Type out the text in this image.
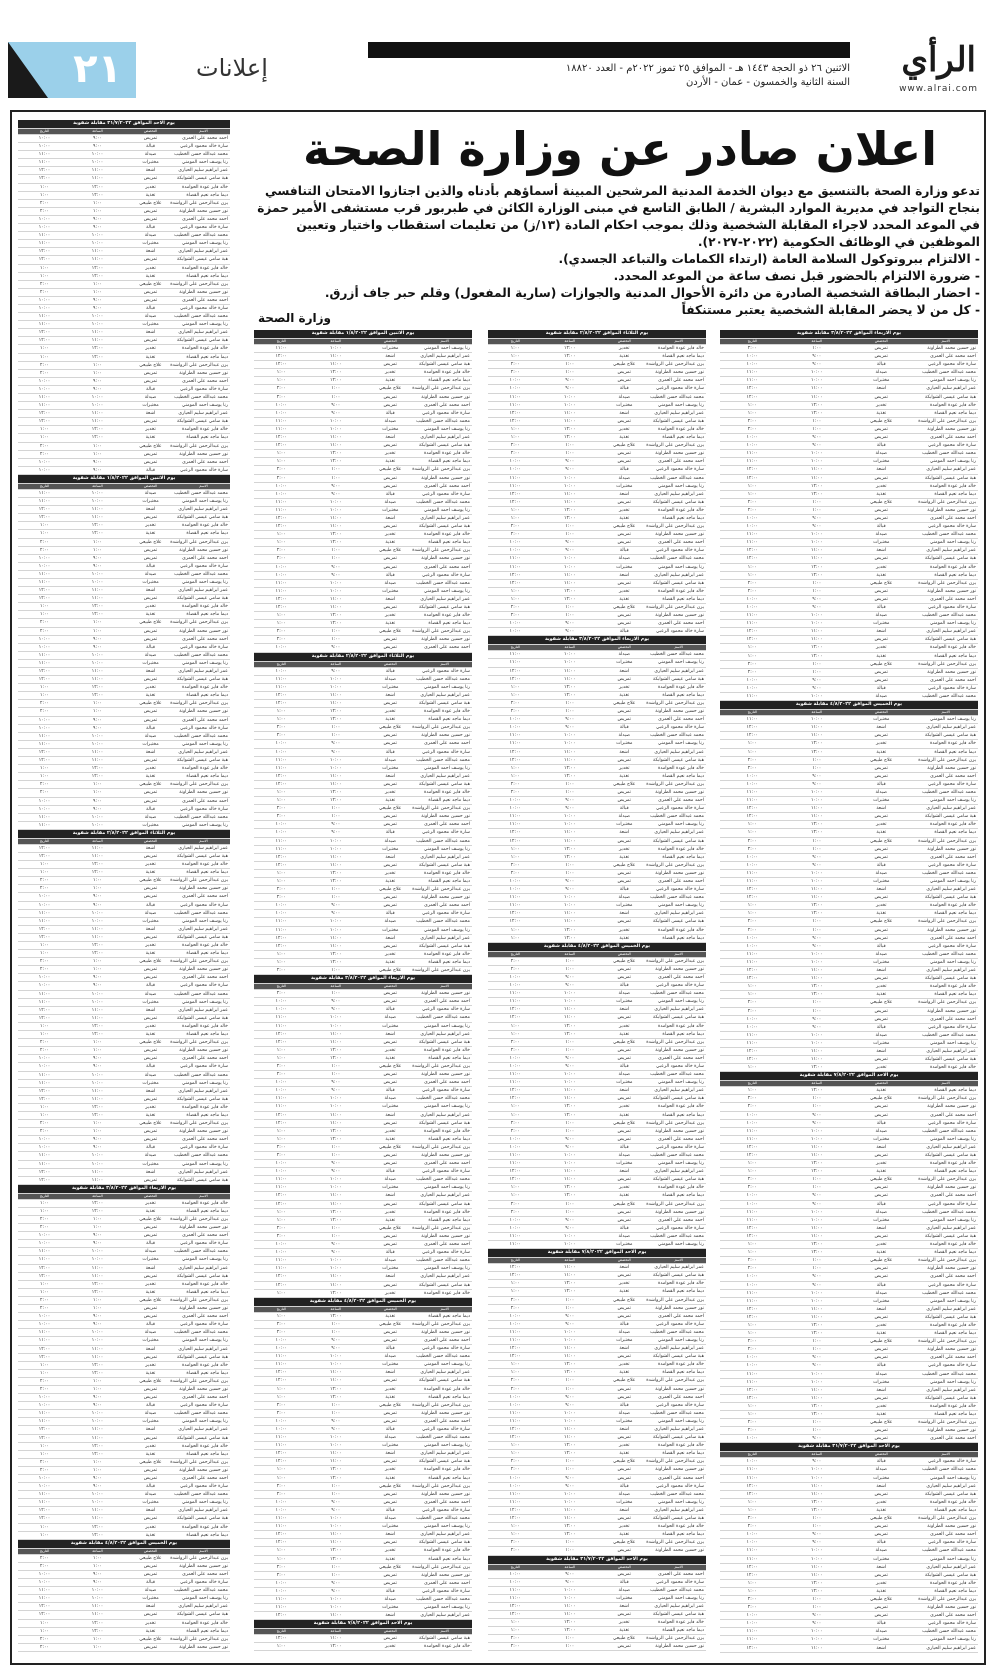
٢١	إعلانات	الاثنين ٢٦ ذو الحجة ١٤٤٣ هـ - الموافق ٢٥ تموز ٢٠٢٢م - العدد ١٨٨٢٠
السنة الثانية والخمسون - عمان - الأردن
الرأي
www.alrai.com
اعلان صادر عن وزارة الصحة

تدعو وزارة الصحة بالتنسيق مع ديوان الخدمة المدنية المرشحين المبينة أسماؤهم بأدناه والذين اجتازوا الامتحان التنافسي بنجاح التواجد في مديرية الموارد البشرية / الطابق التاسع في مبنى الوزارة الكائن في طبربور قرب مستشفى الأمير حمزة في الموعد المحدد لاجراء المقابلة الشخصية وذلك بموجب احكام المادة (١٣/ز) من تعليمات استقطاب واختيار وتعيين الموظفين في الوظائف الحكومية (٢٠٢٢-٢٠٢٧).

- الالتزام ببروتوكول السلامة العامة (ارتداء الكمامات والتباعد الجسدي).

- ضرورة الالتزام بالحضور قبل نصف ساعة من الموعد المحدد.

- احضار البطاقة الشخصية الصادرة من دائرة الأحوال المدنية والجوازات (سارية المفعول) وقلم حبر جاف أزرق.

- كل من لا يحضر المقابلة الشخصية يعتبر مستنكفاً

وزارة الصحة
يوم الاحد الموافق ٣١/٧/٢٠٢٢ مقابلة شفوية			
الاسم	التخصص	الساعة	التاريخ
احمد محمد علي العمري	تمريض	٩:٠٠	١٠:٠٠
سارة خالد محمود الزعبي	قبالة	٩:٠٠	١٠:٠٠
محمد عبدالله حسن الخطيب	صيدلة	١٠:٠٠	١١:٠٠
رنا يوسف احمد المومني	مختبرات	١٠:٠٠	١١:٠٠
عمر ابراهيم سليم الحياري	اشعة	١١:٠٠	١٢:٠٠
هبة سامي عيسى الشوابكة	تمريض	١١:٠٠	١٢:٠٠
خالد فايز عودة الحوامدة	تخدير	١٢:٠٠	١:٠٠
ديما ماجد نعيم القضاة	تغذية	١٢:٠٠	١:٠٠
يزن عبدالرحمن علي الرواشدة	علاج طبيعي	١:٠٠	٢:٠٠
نور حسين محمد الطراونة	تمريض	١:٠٠	٢:٠٠
احمد محمد علي العمري	تمريض	٩:٠٠	١٠:٠٠
سارة خالد محمود الزعبي	قبالة	٩:٠٠	١٠:٠٠
محمد عبدالله حسن الخطيب	صيدلة	١٠:٠٠	١١:٠٠
رنا يوسف احمد المومني	مختبرات	١٠:٠٠	١١:٠٠
عمر ابراهيم سليم الحياري	اشعة	١١:٠٠	١٢:٠٠
هبة سامي عيسى الشوابكة	تمريض	١١:٠٠	١٢:٠٠
خالد فايز عودة الحوامدة	تخدير	١٢:٠٠	١:٠٠
ديما ماجد نعيم القضاة	تغذية	١٢:٠٠	١:٠٠
يزن عبدالرحمن علي الرواشدة	علاج طبيعي	١:٠٠	٢:٠٠
نور حسين محمد الطراونة	تمريض	١:٠٠	٢:٠٠
احمد محمد علي العمري	تمريض	٩:٠٠	١٠:٠٠
سارة خالد محمود الزعبي	قبالة	٩:٠٠	١٠:٠٠
محمد عبدالله حسن الخطيب	صيدلة	١٠:٠٠	١١:٠٠
رنا يوسف احمد المومني	مختبرات	١٠:٠٠	١١:٠٠
عمر ابراهيم سليم الحياري	اشعة	١١:٠٠	١٢:٠٠
هبة سامي عيسى الشوابكة	تمريض	١١:٠٠	١٢:٠٠
خالد فايز عودة الحوامدة	تخدير	١٢:٠٠	١:٠٠
ديما ماجد نعيم القضاة	تغذية	١٢:٠٠	١:٠٠
يزن عبدالرحمن علي الرواشدة	علاج طبيعي	١:٠٠	٢:٠٠
نور حسين محمد الطراونة	تمريض	١:٠٠	٢:٠٠
احمد محمد علي العمري	تمريض	٩:٠٠	١٠:٠٠
سارة خالد محمود الزعبي	قبالة	٩:٠٠	١٠:٠٠
محمد عبدالله حسن الخطيب	صيدلة	١٠:٠٠	١١:٠٠
رنا يوسف احمد المومني	مختبرات	١٠:٠٠	١١:٠٠
عمر ابراهيم سليم الحياري	اشعة	١١:٠٠	١٢:٠٠
هبة سامي عيسى الشوابكة	تمريض	١١:٠٠	١٢:٠٠
خالد فايز عودة الحوامدة	تخدير	١٢:٠٠	١:٠٠
ديما ماجد نعيم القضاة	تغذية	١٢:٠٠	١:٠٠
يزن عبدالرحمن علي الرواشدة	علاج طبيعي	١:٠٠	٢:٠٠
نور حسين محمد الطراونة	تمريض	١:٠٠	٢:٠٠
احمد محمد علي العمري	تمريض	٩:٠٠	١٠:٠٠
سارة خالد محمود الزعبي	قبالة	٩:٠٠	١٠:٠٠
يوم الاثنين الموافق ١/٨/٢٠٢٢ مقابلة شفوية			
الاسم	التخصص	الساعة	التاريخ
محمد عبدالله حسن الخطيب	صيدلة	١٠:٠٠	١١:٠٠
رنا يوسف احمد المومني	مختبرات	١٠:٠٠	١١:٠٠
عمر ابراهيم سليم الحياري	اشعة	١١:٠٠	١٢:٠٠
هبة سامي عيسى الشوابكة	تمريض	١١:٠٠	١٢:٠٠
خالد فايز عودة الحوامدة	تخدير	١٢:٠٠	١:٠٠
ديما ماجد نعيم القضاة	تغذية	١٢:٠٠	١:٠٠
يزن عبدالرحمن علي الرواشدة	علاج طبيعي	١:٠٠	٢:٠٠
نور حسين محمد الطراونة	تمريض	١:٠٠	٢:٠٠
احمد محمد علي العمري	تمريض	٩:٠٠	١٠:٠٠
سارة خالد محمود الزعبي	قبالة	٩:٠٠	١٠:٠٠
محمد عبدالله حسن الخطيب	صيدلة	١٠:٠٠	١١:٠٠
رنا يوسف احمد المومني	مختبرات	١٠:٠٠	١١:٠٠
عمر ابراهيم سليم الحياري	اشعة	١١:٠٠	١٢:٠٠
هبة سامي عيسى الشوابكة	تمريض	١١:٠٠	١٢:٠٠
خالد فايز عودة الحوامدة	تخدير	١٢:٠٠	١:٠٠
ديما ماجد نعيم القضاة	تغذية	١٢:٠٠	١:٠٠
يزن عبدالرحمن علي الرواشدة	علاج طبيعي	١:٠٠	٢:٠٠
نور حسين محمد الطراونة	تمريض	١:٠٠	٢:٠٠
احمد محمد علي العمري	تمريض	٩:٠٠	١٠:٠٠
سارة خالد محمود الزعبي	قبالة	٩:٠٠	١٠:٠٠
محمد عبدالله حسن الخطيب	صيدلة	١٠:٠٠	١١:٠٠
رنا يوسف احمد المومني	مختبرات	١٠:٠٠	١١:٠٠
عمر ابراهيم سليم الحياري	اشعة	١١:٠٠	١٢:٠٠
هبة سامي عيسى الشوابكة	تمريض	١١:٠٠	١٢:٠٠
خالد فايز عودة الحوامدة	تخدير	١٢:٠٠	١:٠٠
ديما ماجد نعيم القضاة	تغذية	١٢:٠٠	١:٠٠
يزن عبدالرحمن علي الرواشدة	علاج طبيعي	١:٠٠	٢:٠٠
نور حسين محمد الطراونة	تمريض	١:٠٠	٢:٠٠
احمد محمد علي العمري	تمريض	٩:٠٠	١٠:٠٠
سارة خالد محمود الزعبي	قبالة	٩:٠٠	١٠:٠٠
محمد عبدالله حسن الخطيب	صيدلة	١٠:٠٠	١١:٠٠
رنا يوسف احمد المومني	مختبرات	١٠:٠٠	١١:٠٠
عمر ابراهيم سليم الحياري	اشعة	١١:٠٠	١٢:٠٠
هبة سامي عيسى الشوابكة	تمريض	١١:٠٠	١٢:٠٠
خالد فايز عودة الحوامدة	تخدير	١٢:٠٠	١:٠٠
ديما ماجد نعيم القضاة	تغذية	١٢:٠٠	١:٠٠
يزن عبدالرحمن علي الرواشدة	علاج طبيعي	١:٠٠	٢:٠٠
نور حسين محمد الطراونة	تمريض	١:٠٠	٢:٠٠
احمد محمد علي العمري	تمريض	٩:٠٠	١٠:٠٠
سارة خالد محمود الزعبي	قبالة	٩:٠٠	١٠:٠٠
محمد عبدالله حسن الخطيب	صيدلة	١٠:٠٠	١١:٠٠
رنا يوسف احمد المومني	مختبرات	١٠:٠٠	١١:٠٠
يوم الثلاثاء الموافق ٢/٨/٢٠٢٢ مقابلة شفوية			
الاسم	التخصص	الساعة	التاريخ
عمر ابراهيم سليم الحياري	اشعة	١١:٠٠	١٢:٠٠
هبة سامي عيسى الشوابكة	تمريض	١١:٠٠	١٢:٠٠
خالد فايز عودة الحوامدة	تخدير	١٢:٠٠	١:٠٠
ديما ماجد نعيم القضاة	تغذية	١٢:٠٠	١:٠٠
يزن عبدالرحمن علي الرواشدة	علاج طبيعي	١:٠٠	٢:٠٠
نور حسين محمد الطراونة	تمريض	١:٠٠	٢:٠٠
احمد محمد علي العمري	تمريض	٩:٠٠	١٠:٠٠
سارة خالد محمود الزعبي	قبالة	٩:٠٠	١٠:٠٠
محمد عبدالله حسن الخطيب	صيدلة	١٠:٠٠	١١:٠٠
رنا يوسف احمد المومني	مختبرات	١٠:٠٠	١١:٠٠
عمر ابراهيم سليم الحياري	اشعة	١١:٠٠	١٢:٠٠
هبة سامي عيسى الشوابكة	تمريض	١١:٠٠	١٢:٠٠
خالد فايز عودة الحوامدة	تخدير	١٢:٠٠	١:٠٠
ديما ماجد نعيم القضاة	تغذية	١٢:٠٠	١:٠٠
يزن عبدالرحمن علي الرواشدة	علاج طبيعي	١:٠٠	٢:٠٠
نور حسين محمد الطراونة	تمريض	١:٠٠	٢:٠٠
احمد محمد علي العمري	تمريض	٩:٠٠	١٠:٠٠
سارة خالد محمود الزعبي	قبالة	٩:٠٠	١٠:٠٠
محمد عبدالله حسن الخطيب	صيدلة	١٠:٠٠	١١:٠٠
رنا يوسف احمد المومني	مختبرات	١٠:٠٠	١١:٠٠
عمر ابراهيم سليم الحياري	اشعة	١١:٠٠	١٢:٠٠
هبة سامي عيسى الشوابكة	تمريض	١١:٠٠	١٢:٠٠
خالد فايز عودة الحوامدة	تخدير	١٢:٠٠	١:٠٠
ديما ماجد نعيم القضاة	تغذية	١٢:٠٠	١:٠٠
يزن عبدالرحمن علي الرواشدة	علاج طبيعي	١:٠٠	٢:٠٠
نور حسين محمد الطراونة	تمريض	١:٠٠	٢:٠٠
احمد محمد علي العمري	تمريض	٩:٠٠	١٠:٠٠
سارة خالد محمود الزعبي	قبالة	٩:٠٠	١٠:٠٠
محمد عبدالله حسن الخطيب	صيدلة	١٠:٠٠	١١:٠٠
رنا يوسف احمد المومني	مختبرات	١٠:٠٠	١١:٠٠
عمر ابراهيم سليم الحياري	اشعة	١١:٠٠	١٢:٠٠
هبة سامي عيسى الشوابكة	تمريض	١١:٠٠	١٢:٠٠
خالد فايز عودة الحوامدة	تخدير	١٢:٠٠	١:٠٠
ديما ماجد نعيم القضاة	تغذية	١٢:٠٠	١:٠٠
يزن عبدالرحمن علي الرواشدة	علاج طبيعي	١:٠٠	٢:٠٠
نور حسين محمد الطراونة	تمريض	١:٠٠	٢:٠٠
احمد محمد علي العمري	تمريض	٩:٠٠	١٠:٠٠
سارة خالد محمود الزعبي	قبالة	٩:٠٠	١٠:٠٠
محمد عبدالله حسن الخطيب	صيدلة	١٠:٠٠	١١:٠٠
رنا يوسف احمد المومني	مختبرات	١٠:٠٠	١١:٠٠
عمر ابراهيم سليم الحياري	اشعة	١١:٠٠	١٢:٠٠
هبة سامي عيسى الشوابكة	تمريض	١١:٠٠	١٢:٠٠
يوم الاربعاء الموافق ٣/٨/٢٠٢٢ مقابلة شفوية			
الاسم	التخصص	الساعة	التاريخ
خالد فايز عودة الحوامدة	تخدير	١٢:٠٠	١:٠٠
ديما ماجد نعيم القضاة	تغذية	١٢:٠٠	١:٠٠
يزن عبدالرحمن علي الرواشدة	علاج طبيعي	١:٠٠	٢:٠٠
نور حسين محمد الطراونة	تمريض	١:٠٠	٢:٠٠
احمد محمد علي العمري	تمريض	٩:٠٠	١٠:٠٠
سارة خالد محمود الزعبي	قبالة	٩:٠٠	١٠:٠٠
محمد عبدالله حسن الخطيب	صيدلة	١٠:٠٠	١١:٠٠
رنا يوسف احمد المومني	مختبرات	١٠:٠٠	١١:٠٠
عمر ابراهيم سليم الحياري	اشعة	١١:٠٠	١٢:٠٠
هبة سامي عيسى الشوابكة	تمريض	١١:٠٠	١٢:٠٠
خالد فايز عودة الحوامدة	تخدير	١٢:٠٠	١:٠٠
ديما ماجد نعيم القضاة	تغذية	١٢:٠٠	١:٠٠
يزن عبدالرحمن علي الرواشدة	علاج طبيعي	١:٠٠	٢:٠٠
نور حسين محمد الطراونة	تمريض	١:٠٠	٢:٠٠
احمد محمد علي العمري	تمريض	٩:٠٠	١٠:٠٠
سارة خالد محمود الزعبي	قبالة	٩:٠٠	١٠:٠٠
محمد عبدالله حسن الخطيب	صيدلة	١٠:٠٠	١١:٠٠
رنا يوسف احمد المومني	مختبرات	١٠:٠٠	١١:٠٠
عمر ابراهيم سليم الحياري	اشعة	١١:٠٠	١٢:٠٠
هبة سامي عيسى الشوابكة	تمريض	١١:٠٠	١٢:٠٠
خالد فايز عودة الحوامدة	تخدير	١٢:٠٠	١:٠٠
ديما ماجد نعيم القضاة	تغذية	١٢:٠٠	١:٠٠
يزن عبدالرحمن علي الرواشدة	علاج طبيعي	١:٠٠	٢:٠٠
نور حسين محمد الطراونة	تمريض	١:٠٠	٢:٠٠
احمد محمد علي العمري	تمريض	٩:٠٠	١٠:٠٠
سارة خالد محمود الزعبي	قبالة	٩:٠٠	١٠:٠٠
محمد عبدالله حسن الخطيب	صيدلة	١٠:٠٠	١١:٠٠
رنا يوسف احمد المومني	مختبرات	١٠:٠٠	١١:٠٠
عمر ابراهيم سليم الحياري	اشعة	١١:٠٠	١٢:٠٠
هبة سامي عيسى الشوابكة	تمريض	١١:٠٠	١٢:٠٠
خالد فايز عودة الحوامدة	تخدير	١٢:٠٠	١:٠٠
ديما ماجد نعيم القضاة	تغذية	١٢:٠٠	١:٠٠
يزن عبدالرحمن علي الرواشدة	علاج طبيعي	١:٠٠	٢:٠٠
نور حسين محمد الطراونة	تمريض	١:٠٠	٢:٠٠
احمد محمد علي العمري	تمريض	٩:٠٠	١٠:٠٠
سارة خالد محمود الزعبي	قبالة	٩:٠٠	١٠:٠٠
محمد عبدالله حسن الخطيب	صيدلة	١٠:٠٠	١١:٠٠
رنا يوسف احمد المومني	مختبرات	١٠:٠٠	١١:٠٠
عمر ابراهيم سليم الحياري	اشعة	١١:٠٠	١٢:٠٠
هبة سامي عيسى الشوابكة	تمريض	١١:٠٠	١٢:٠٠
خالد فايز عودة الحوامدة	تخدير	١٢:٠٠	١:٠٠
ديما ماجد نعيم القضاة	تغذية	١٢:٠٠	١:٠٠
يوم الخميس الموافق ٤/٨/٢٠٢٢ مقابلة شفوية			
الاسم	التخصص	الساعة	التاريخ
يزن عبدالرحمن علي الرواشدة	علاج طبيعي	١:٠٠	٢:٠٠
نور حسين محمد الطراونة	تمريض	١:٠٠	٢:٠٠
احمد محمد علي العمري	تمريض	٩:٠٠	١٠:٠٠
سارة خالد محمود الزعبي	قبالة	٩:٠٠	١٠:٠٠
محمد عبدالله حسن الخطيب	صيدلة	١٠:٠٠	١١:٠٠
رنا يوسف احمد المومني	مختبرات	١٠:٠٠	١١:٠٠
عمر ابراهيم سليم الحياري	اشعة	١١:٠٠	١٢:٠٠
هبة سامي عيسى الشوابكة	تمريض	١١:٠٠	١٢:٠٠
خالد فايز عودة الحوامدة	تخدير	١٢:٠٠	١:٠٠
ديما ماجد نعيم القضاة	تغذية	١٢:٠٠	١:٠٠
يزن عبدالرحمن علي الرواشدة	علاج طبيعي	١:٠٠	٢:٠٠
نور حسين محمد الطراونة	تمريض	١:٠٠	٢:٠٠
يوم الاثنين الموافق ١/٨/٢٠٢٢ مقابلة شفوية			
الاسم	التخصص	الساعة	التاريخ
رنا يوسف احمد المومني	مختبرات	١٠:٠٠	١١:٠٠
عمر ابراهيم سليم الحياري	اشعة	١١:٠٠	١٢:٠٠
هبة سامي عيسى الشوابكة	تمريض	١١:٠٠	١٢:٠٠
خالد فايز عودة الحوامدة	تخدير	١٢:٠٠	١:٠٠
ديما ماجد نعيم القضاة	تغذية	١٢:٠٠	١:٠٠
يزن عبدالرحمن علي الرواشدة	علاج طبيعي	١:٠٠	٢:٠٠
نور حسين محمد الطراونة	تمريض	١:٠٠	٢:٠٠
احمد محمد علي العمري	تمريض	٩:٠٠	١٠:٠٠
سارة خالد محمود الزعبي	قبالة	٩:٠٠	١٠:٠٠
محمد عبدالله حسن الخطيب	صيدلة	١٠:٠٠	١١:٠٠
رنا يوسف احمد المومني	مختبرات	١٠:٠٠	١١:٠٠
عمر ابراهيم سليم الحياري	اشعة	١١:٠٠	١٢:٠٠
هبة سامي عيسى الشوابكة	تمريض	١١:٠٠	١٢:٠٠
خالد فايز عودة الحوامدة	تخدير	١٢:٠٠	١:٠٠
ديما ماجد نعيم القضاة	تغذية	١٢:٠٠	١:٠٠
يزن عبدالرحمن علي الرواشدة	علاج طبيعي	١:٠٠	٢:٠٠
نور حسين محمد الطراونة	تمريض	١:٠٠	٢:٠٠
احمد محمد علي العمري	تمريض	٩:٠٠	١٠:٠٠
سارة خالد محمود الزعبي	قبالة	٩:٠٠	١٠:٠٠
محمد عبدالله حسن الخطيب	صيدلة	١٠:٠٠	١١:٠٠
رنا يوسف احمد المومني	مختبرات	١٠:٠٠	١١:٠٠
عمر ابراهيم سليم الحياري	اشعة	١١:٠٠	١٢:٠٠
هبة سامي عيسى الشوابكة	تمريض	١١:٠٠	١٢:٠٠
خالد فايز عودة الحوامدة	تخدير	١٢:٠٠	١:٠٠
ديما ماجد نعيم القضاة	تغذية	١٢:٠٠	١:٠٠
يزن عبدالرحمن علي الرواشدة	علاج طبيعي	١:٠٠	٢:٠٠
نور حسين محمد الطراونة	تمريض	١:٠٠	٢:٠٠
احمد محمد علي العمري	تمريض	٩:٠٠	١٠:٠٠
سارة خالد محمود الزعبي	قبالة	٩:٠٠	١٠:٠٠
محمد عبدالله حسن الخطيب	صيدلة	١٠:٠٠	١١:٠٠
رنا يوسف احمد المومني	مختبرات	١٠:٠٠	١١:٠٠
عمر ابراهيم سليم الحياري	اشعة	١١:٠٠	١٢:٠٠
هبة سامي عيسى الشوابكة	تمريض	١١:٠٠	١٢:٠٠
خالد فايز عودة الحوامدة	تخدير	١٢:٠٠	١:٠٠
ديما ماجد نعيم القضاة	تغذية	١٢:٠٠	١:٠٠
يزن عبدالرحمن علي الرواشدة	علاج طبيعي	١:٠٠	٢:٠٠
نور حسين محمد الطراونة	تمريض	١:٠٠	٢:٠٠
احمد محمد علي العمري	تمريض	٩:٠٠	١٠:٠٠
يوم الثلاثاء الموافق ٢/٨/٢٠٢٢ مقابلة شفوية			
الاسم	التخصص	الساعة	التاريخ
سارة خالد محمود الزعبي	قبالة	٩:٠٠	١٠:٠٠
محمد عبدالله حسن الخطيب	صيدلة	١٠:٠٠	١١:٠٠
رنا يوسف احمد المومني	مختبرات	١٠:٠٠	١١:٠٠
عمر ابراهيم سليم الحياري	اشعة	١١:٠٠	١٢:٠٠
هبة سامي عيسى الشوابكة	تمريض	١١:٠٠	١٢:٠٠
خالد فايز عودة الحوامدة	تخدير	١٢:٠٠	١:٠٠
ديما ماجد نعيم القضاة	تغذية	١٢:٠٠	١:٠٠
يزن عبدالرحمن علي الرواشدة	علاج طبيعي	١:٠٠	٢:٠٠
نور حسين محمد الطراونة	تمريض	١:٠٠	٢:٠٠
احمد محمد علي العمري	تمريض	٩:٠٠	١٠:٠٠
سارة خالد محمود الزعبي	قبالة	٩:٠٠	١٠:٠٠
محمد عبدالله حسن الخطيب	صيدلة	١٠:٠٠	١١:٠٠
رنا يوسف احمد المومني	مختبرات	١٠:٠٠	١١:٠٠
عمر ابراهيم سليم الحياري	اشعة	١١:٠٠	١٢:٠٠
هبة سامي عيسى الشوابكة	تمريض	١١:٠٠	١٢:٠٠
خالد فايز عودة الحوامدة	تخدير	١٢:٠٠	١:٠٠
ديما ماجد نعيم القضاة	تغذية	١٢:٠٠	١:٠٠
يزن عبدالرحمن علي الرواشدة	علاج طبيعي	١:٠٠	٢:٠٠
نور حسين محمد الطراونة	تمريض	١:٠٠	٢:٠٠
احمد محمد علي العمري	تمريض	٩:٠٠	١٠:٠٠
سارة خالد محمود الزعبي	قبالة	٩:٠٠	١٠:٠٠
محمد عبدالله حسن الخطيب	صيدلة	١٠:٠٠	١١:٠٠
رنا يوسف احمد المومني	مختبرات	١٠:٠٠	١١:٠٠
عمر ابراهيم سليم الحياري	اشعة	١١:٠٠	١٢:٠٠
هبة سامي عيسى الشوابكة	تمريض	١١:٠٠	١٢:٠٠
خالد فايز عودة الحوامدة	تخدير	١٢:٠٠	١:٠٠
ديما ماجد نعيم القضاة	تغذية	١٢:٠٠	١:٠٠
يزن عبدالرحمن علي الرواشدة	علاج طبيعي	١:٠٠	٢:٠٠
نور حسين محمد الطراونة	تمريض	١:٠٠	٢:٠٠
احمد محمد علي العمري	تمريض	٩:٠٠	١٠:٠٠
سارة خالد محمود الزعبي	قبالة	٩:٠٠	١٠:٠٠
محمد عبدالله حسن الخطيب	صيدلة	١٠:٠٠	١١:٠٠
رنا يوسف احمد المومني	مختبرات	١٠:٠٠	١١:٠٠
عمر ابراهيم سليم الحياري	اشعة	١١:٠٠	١٢:٠٠
هبة سامي عيسى الشوابكة	تمريض	١١:٠٠	١٢:٠٠
خالد فايز عودة الحوامدة	تخدير	١٢:٠٠	١:٠٠
ديما ماجد نعيم القضاة	تغذية	١٢:٠٠	١:٠٠
يزن عبدالرحمن علي الرواشدة	علاج طبيعي	١:٠٠	٢:٠٠
يوم الاربعاء الموافق ٣/٨/٢٠٢٢ مقابلة شفوية			
الاسم	التخصص	الساعة	التاريخ
نور حسين محمد الطراونة	تمريض	١:٠٠	٢:٠٠
احمد محمد علي العمري	تمريض	٩:٠٠	١٠:٠٠
سارة خالد محمود الزعبي	قبالة	٩:٠٠	١٠:٠٠
محمد عبدالله حسن الخطيب	صيدلة	١٠:٠٠	١١:٠٠
رنا يوسف احمد المومني	مختبرات	١٠:٠٠	١١:٠٠
عمر ابراهيم سليم الحياري	اشعة	١١:٠٠	١٢:٠٠
هبة سامي عيسى الشوابكة	تمريض	١١:٠٠	١٢:٠٠
خالد فايز عودة الحوامدة	تخدير	١٢:٠٠	١:٠٠
ديما ماجد نعيم القضاة	تغذية	١٢:٠٠	١:٠٠
يزن عبدالرحمن علي الرواشدة	علاج طبيعي	١:٠٠	٢:٠٠
نور حسين محمد الطراونة	تمريض	١:٠٠	٢:٠٠
احمد محمد علي العمري	تمريض	٩:٠٠	١٠:٠٠
سارة خالد محمود الزعبي	قبالة	٩:٠٠	١٠:٠٠
محمد عبدالله حسن الخطيب	صيدلة	١٠:٠٠	١١:٠٠
رنا يوسف احمد المومني	مختبرات	١٠:٠٠	١١:٠٠
عمر ابراهيم سليم الحياري	اشعة	١١:٠٠	١٢:٠٠
هبة سامي عيسى الشوابكة	تمريض	١١:٠٠	١٢:٠٠
خالد فايز عودة الحوامدة	تخدير	١٢:٠٠	١:٠٠
ديما ماجد نعيم القضاة	تغذية	١٢:٠٠	١:٠٠
يزن عبدالرحمن علي الرواشدة	علاج طبيعي	١:٠٠	٢:٠٠
نور حسين محمد الطراونة	تمريض	١:٠٠	٢:٠٠
احمد محمد علي العمري	تمريض	٩:٠٠	١٠:٠٠
سارة خالد محمود الزعبي	قبالة	٩:٠٠	١٠:٠٠
محمد عبدالله حسن الخطيب	صيدلة	١٠:٠٠	١١:٠٠
رنا يوسف احمد المومني	مختبرات	١٠:٠٠	١١:٠٠
عمر ابراهيم سليم الحياري	اشعة	١١:٠٠	١٢:٠٠
هبة سامي عيسى الشوابكة	تمريض	١١:٠٠	١٢:٠٠
خالد فايز عودة الحوامدة	تخدير	١٢:٠٠	١:٠٠
ديما ماجد نعيم القضاة	تغذية	١٢:٠٠	١:٠٠
يزن عبدالرحمن علي الرواشدة	علاج طبيعي	١:٠٠	٢:٠٠
نور حسين محمد الطراونة	تمريض	١:٠٠	٢:٠٠
احمد محمد علي العمري	تمريض	٩:٠٠	١٠:٠٠
سارة خالد محمود الزعبي	قبالة	٩:٠٠	١٠:٠٠
محمد عبدالله حسن الخطيب	صيدلة	١٠:٠٠	١١:٠٠
رنا يوسف احمد المومني	مختبرات	١٠:٠٠	١١:٠٠
عمر ابراهيم سليم الحياري	اشعة	١١:٠٠	١٢:٠٠
هبة سامي عيسى الشوابكة	تمريض	١١:٠٠	١٢:٠٠
خالد فايز عودة الحوامدة	تخدير	١٢:٠٠	١:٠٠
يوم الخميس الموافق ٤/٨/٢٠٢٢ مقابلة شفوية			
الاسم	التخصص	الساعة	التاريخ
ديما ماجد نعيم القضاة	تغذية	١٢:٠٠	١:٠٠
يزن عبدالرحمن علي الرواشدة	علاج طبيعي	١:٠٠	٢:٠٠
نور حسين محمد الطراونة	تمريض	١:٠٠	٢:٠٠
احمد محمد علي العمري	تمريض	٩:٠٠	١٠:٠٠
سارة خالد محمود الزعبي	قبالة	٩:٠٠	١٠:٠٠
محمد عبدالله حسن الخطيب	صيدلة	١٠:٠٠	١١:٠٠
رنا يوسف احمد المومني	مختبرات	١٠:٠٠	١١:٠٠
عمر ابراهيم سليم الحياري	اشعة	١١:٠٠	١٢:٠٠
هبة سامي عيسى الشوابكة	تمريض	١١:٠٠	١٢:٠٠
خالد فايز عودة الحوامدة	تخدير	١٢:٠٠	١:٠٠
ديما ماجد نعيم القضاة	تغذية	١٢:٠٠	١:٠٠
يزن عبدالرحمن علي الرواشدة	علاج طبيعي	١:٠٠	٢:٠٠
نور حسين محمد الطراونة	تمريض	١:٠٠	٢:٠٠
احمد محمد علي العمري	تمريض	٩:٠٠	١٠:٠٠
سارة خالد محمود الزعبي	قبالة	٩:٠٠	١٠:٠٠
محمد عبدالله حسن الخطيب	صيدلة	١٠:٠٠	١١:٠٠
رنا يوسف احمد المومني	مختبرات	١٠:٠٠	١١:٠٠
عمر ابراهيم سليم الحياري	اشعة	١١:٠٠	١٢:٠٠
هبة سامي عيسى الشوابكة	تمريض	١١:٠٠	١٢:٠٠
خالد فايز عودة الحوامدة	تخدير	١٢:٠٠	١:٠٠
ديما ماجد نعيم القضاة	تغذية	١٢:٠٠	١:٠٠
يزن عبدالرحمن علي الرواشدة	علاج طبيعي	١:٠٠	٢:٠٠
نور حسين محمد الطراونة	تمريض	١:٠٠	٢:٠٠
احمد محمد علي العمري	تمريض	٩:٠٠	١٠:٠٠
سارة خالد محمود الزعبي	قبالة	٩:٠٠	١٠:٠٠
محمد عبدالله حسن الخطيب	صيدلة	١٠:٠٠	١١:٠٠
رنا يوسف احمد المومني	مختبرات	١٠:٠٠	١١:٠٠
عمر ابراهيم سليم الحياري	اشعة	١١:٠٠	١٢:٠٠
هبة سامي عيسى الشوابكة	تمريض	١١:٠٠	١٢:٠٠
خالد فايز عودة الحوامدة	تخدير	١٢:٠٠	١:٠٠
ديما ماجد نعيم القضاة	تغذية	١٢:٠٠	١:٠٠
يزن عبدالرحمن علي الرواشدة	علاج طبيعي	١:٠٠	٢:٠٠
نور حسين محمد الطراونة	تمريض	١:٠٠	٢:٠٠
احمد محمد علي العمري	تمريض	٩:٠٠	١٠:٠٠
سارة خالد محمود الزعبي	قبالة	٩:٠٠	١٠:٠٠
محمد عبدالله حسن الخطيب	صيدلة	١٠:٠٠	١١:٠٠
رنا يوسف احمد المومني	مختبرات	١٠:٠٠	١١:٠٠
عمر ابراهيم سليم الحياري	اشعة	١١:٠٠	١٢:٠٠
يوم الاحد الموافق ٧/٨/٢٠٢٢ مقابلة شفوية			
الاسم	التخصص	الساعة	التاريخ
هبة سامي عيسى الشوابكة	تمريض	١١:٠٠	١٢:٠٠
خالد فايز عودة الحوامدة	تخدير	١٢:٠٠	١:٠٠
يوم الثلاثاء الموافق ٢/٨/٢٠٢٢ مقابلة شفوية			
الاسم	التخصص	الساعة	التاريخ
خالد فايز عودة الحوامدة	تخدير	١٢:٠٠	١:٠٠
ديما ماجد نعيم القضاة	تغذية	١٢:٠٠	١:٠٠
يزن عبدالرحمن علي الرواشدة	علاج طبيعي	١:٠٠	٢:٠٠
نور حسين محمد الطراونة	تمريض	١:٠٠	٢:٠٠
احمد محمد علي العمري	تمريض	٩:٠٠	١٠:٠٠
سارة خالد محمود الزعبي	قبالة	٩:٠٠	١٠:٠٠
محمد عبدالله حسن الخطيب	صيدلة	١٠:٠٠	١١:٠٠
رنا يوسف احمد المومني	مختبرات	١٠:٠٠	١١:٠٠
عمر ابراهيم سليم الحياري	اشعة	١١:٠٠	١٢:٠٠
هبة سامي عيسى الشوابكة	تمريض	١١:٠٠	١٢:٠٠
خالد فايز عودة الحوامدة	تخدير	١٢:٠٠	١:٠٠
ديما ماجد نعيم القضاة	تغذية	١٢:٠٠	١:٠٠
يزن عبدالرحمن علي الرواشدة	علاج طبيعي	١:٠٠	٢:٠٠
نور حسين محمد الطراونة	تمريض	١:٠٠	٢:٠٠
احمد محمد علي العمري	تمريض	٩:٠٠	١٠:٠٠
سارة خالد محمود الزعبي	قبالة	٩:٠٠	١٠:٠٠
محمد عبدالله حسن الخطيب	صيدلة	١٠:٠٠	١١:٠٠
رنا يوسف احمد المومني	مختبرات	١٠:٠٠	١١:٠٠
عمر ابراهيم سليم الحياري	اشعة	١١:٠٠	١٢:٠٠
هبة سامي عيسى الشوابكة	تمريض	١١:٠٠	١٢:٠٠
خالد فايز عودة الحوامدة	تخدير	١٢:٠٠	١:٠٠
ديما ماجد نعيم القضاة	تغذية	١٢:٠٠	١:٠٠
يزن عبدالرحمن علي الرواشدة	علاج طبيعي	١:٠٠	٢:٠٠
نور حسين محمد الطراونة	تمريض	١:٠٠	٢:٠٠
احمد محمد علي العمري	تمريض	٩:٠٠	١٠:٠٠
سارة خالد محمود الزعبي	قبالة	٩:٠٠	١٠:٠٠
محمد عبدالله حسن الخطيب	صيدلة	١٠:٠٠	١١:٠٠
رنا يوسف احمد المومني	مختبرات	١٠:٠٠	١١:٠٠
عمر ابراهيم سليم الحياري	اشعة	١١:٠٠	١٢:٠٠
هبة سامي عيسى الشوابكة	تمريض	١١:٠٠	١٢:٠٠
خالد فايز عودة الحوامدة	تخدير	١٢:٠٠	١:٠٠
ديما ماجد نعيم القضاة	تغذية	١٢:٠٠	١:٠٠
يزن عبدالرحمن علي الرواشدة	علاج طبيعي	١:٠٠	٢:٠٠
نور حسين محمد الطراونة	تمريض	١:٠٠	٢:٠٠
احمد محمد علي العمري	تمريض	٩:٠٠	١٠:٠٠
سارة خالد محمود الزعبي	قبالة	٩:٠٠	١٠:٠٠
يوم الاربعاء الموافق ٣/٨/٢٠٢٢ مقابلة شفوية			
الاسم	التخصص	الساعة	التاريخ
محمد عبدالله حسن الخطيب	صيدلة	١٠:٠٠	١١:٠٠
رنا يوسف احمد المومني	مختبرات	١٠:٠٠	١١:٠٠
عمر ابراهيم سليم الحياري	اشعة	١١:٠٠	١٢:٠٠
هبة سامي عيسى الشوابكة	تمريض	١١:٠٠	١٢:٠٠
خالد فايز عودة الحوامدة	تخدير	١٢:٠٠	١:٠٠
ديما ماجد نعيم القضاة	تغذية	١٢:٠٠	١:٠٠
يزن عبدالرحمن علي الرواشدة	علاج طبيعي	١:٠٠	٢:٠٠
نور حسين محمد الطراونة	تمريض	١:٠٠	٢:٠٠
احمد محمد علي العمري	تمريض	٩:٠٠	١٠:٠٠
سارة خالد محمود الزعبي	قبالة	٩:٠٠	١٠:٠٠
محمد عبدالله حسن الخطيب	صيدلة	١٠:٠٠	١١:٠٠
رنا يوسف احمد المومني	مختبرات	١٠:٠٠	١١:٠٠
عمر ابراهيم سليم الحياري	اشعة	١١:٠٠	١٢:٠٠
هبة سامي عيسى الشوابكة	تمريض	١١:٠٠	١٢:٠٠
خالد فايز عودة الحوامدة	تخدير	١٢:٠٠	١:٠٠
ديما ماجد نعيم القضاة	تغذية	١٢:٠٠	١:٠٠
يزن عبدالرحمن علي الرواشدة	علاج طبيعي	١:٠٠	٢:٠٠
نور حسين محمد الطراونة	تمريض	١:٠٠	٢:٠٠
احمد محمد علي العمري	تمريض	٩:٠٠	١٠:٠٠
سارة خالد محمود الزعبي	قبالة	٩:٠٠	١٠:٠٠
محمد عبدالله حسن الخطيب	صيدلة	١٠:٠٠	١١:٠٠
رنا يوسف احمد المومني	مختبرات	١٠:٠٠	١١:٠٠
عمر ابراهيم سليم الحياري	اشعة	١١:٠٠	١٢:٠٠
هبة سامي عيسى الشوابكة	تمريض	١١:٠٠	١٢:٠٠
خالد فايز عودة الحوامدة	تخدير	١٢:٠٠	١:٠٠
ديما ماجد نعيم القضاة	تغذية	١٢:٠٠	١:٠٠
يزن عبدالرحمن علي الرواشدة	علاج طبيعي	١:٠٠	٢:٠٠
نور حسين محمد الطراونة	تمريض	١:٠٠	٢:٠٠
احمد محمد علي العمري	تمريض	٩:٠٠	١٠:٠٠
سارة خالد محمود الزعبي	قبالة	٩:٠٠	١٠:٠٠
محمد عبدالله حسن الخطيب	صيدلة	١٠:٠٠	١١:٠٠
رنا يوسف احمد المومني	مختبرات	١٠:٠٠	١١:٠٠
عمر ابراهيم سليم الحياري	اشعة	١١:٠٠	١٢:٠٠
هبة سامي عيسى الشوابكة	تمريض	١١:٠٠	١٢:٠٠
خالد فايز عودة الحوامدة	تخدير	١٢:٠٠	١:٠٠
ديما ماجد نعيم القضاة	تغذية	١٢:٠٠	١:٠٠
يوم الخميس الموافق ٤/٨/٢٠٢٢ مقابلة شفوية			
الاسم	التخصص	الساعة	التاريخ
يزن عبدالرحمن علي الرواشدة	علاج طبيعي	١:٠٠	٢:٠٠
نور حسين محمد الطراونة	تمريض	١:٠٠	٢:٠٠
احمد محمد علي العمري	تمريض	٩:٠٠	١٠:٠٠
سارة خالد محمود الزعبي	قبالة	٩:٠٠	١٠:٠٠
محمد عبدالله حسن الخطيب	صيدلة	١٠:٠٠	١١:٠٠
رنا يوسف احمد المومني	مختبرات	١٠:٠٠	١١:٠٠
عمر ابراهيم سليم الحياري	اشعة	١١:٠٠	١٢:٠٠
هبة سامي عيسى الشوابكة	تمريض	١١:٠٠	١٢:٠٠
خالد فايز عودة الحوامدة	تخدير	١٢:٠٠	١:٠٠
ديما ماجد نعيم القضاة	تغذية	١٢:٠٠	١:٠٠
يزن عبدالرحمن علي الرواشدة	علاج طبيعي	١:٠٠	٢:٠٠
نور حسين محمد الطراونة	تمريض	١:٠٠	٢:٠٠
احمد محمد علي العمري	تمريض	٩:٠٠	١٠:٠٠
سارة خالد محمود الزعبي	قبالة	٩:٠٠	١٠:٠٠
محمد عبدالله حسن الخطيب	صيدلة	١٠:٠٠	١١:٠٠
رنا يوسف احمد المومني	مختبرات	١٠:٠٠	١١:٠٠
عمر ابراهيم سليم الحياري	اشعة	١١:٠٠	١٢:٠٠
هبة سامي عيسى الشوابكة	تمريض	١١:٠٠	١٢:٠٠
خالد فايز عودة الحوامدة	تخدير	١٢:٠٠	١:٠٠
ديما ماجد نعيم القضاة	تغذية	١٢:٠٠	١:٠٠
يزن عبدالرحمن علي الرواشدة	علاج طبيعي	١:٠٠	٢:٠٠
نور حسين محمد الطراونة	تمريض	١:٠٠	٢:٠٠
احمد محمد علي العمري	تمريض	٩:٠٠	١٠:٠٠
سارة خالد محمود الزعبي	قبالة	٩:٠٠	١٠:٠٠
محمد عبدالله حسن الخطيب	صيدلة	١٠:٠٠	١١:٠٠
رنا يوسف احمد المومني	مختبرات	١٠:٠٠	١١:٠٠
عمر ابراهيم سليم الحياري	اشعة	١١:٠٠	١٢:٠٠
هبة سامي عيسى الشوابكة	تمريض	١١:٠٠	١٢:٠٠
خالد فايز عودة الحوامدة	تخدير	١٢:٠٠	١:٠٠
ديما ماجد نعيم القضاة	تغذية	١٢:٠٠	١:٠٠
يزن عبدالرحمن علي الرواشدة	علاج طبيعي	١:٠٠	٢:٠٠
نور حسين محمد الطراونة	تمريض	١:٠٠	٢:٠٠
احمد محمد علي العمري	تمريض	٩:٠٠	١٠:٠٠
سارة خالد محمود الزعبي	قبالة	٩:٠٠	١٠:٠٠
محمد عبدالله حسن الخطيب	صيدلة	١٠:٠٠	١١:٠٠
رنا يوسف احمد المومني	مختبرات	١٠:٠٠	١١:٠٠
يوم الاحد الموافق ٧/٨/٢٠٢٢ مقابلة شفوية			
الاسم	التخصص	الساعة	التاريخ
عمر ابراهيم سليم الحياري	اشعة	١١:٠٠	١٢:٠٠
هبة سامي عيسى الشوابكة	تمريض	١١:٠٠	١٢:٠٠
خالد فايز عودة الحوامدة	تخدير	١٢:٠٠	١:٠٠
ديما ماجد نعيم القضاة	تغذية	١٢:٠٠	١:٠٠
يزن عبدالرحمن علي الرواشدة	علاج طبيعي	١:٠٠	٢:٠٠
نور حسين محمد الطراونة	تمريض	١:٠٠	٢:٠٠
احمد محمد علي العمري	تمريض	٩:٠٠	١٠:٠٠
سارة خالد محمود الزعبي	قبالة	٩:٠٠	١٠:٠٠
محمد عبدالله حسن الخطيب	صيدلة	١٠:٠٠	١١:٠٠
رنا يوسف احمد المومني	مختبرات	١٠:٠٠	١١:٠٠
عمر ابراهيم سليم الحياري	اشعة	١١:٠٠	١٢:٠٠
هبة سامي عيسى الشوابكة	تمريض	١١:٠٠	١٢:٠٠
خالد فايز عودة الحوامدة	تخدير	١٢:٠٠	١:٠٠
ديما ماجد نعيم القضاة	تغذية	١٢:٠٠	١:٠٠
يزن عبدالرحمن علي الرواشدة	علاج طبيعي	١:٠٠	٢:٠٠
نور حسين محمد الطراونة	تمريض	١:٠٠	٢:٠٠
احمد محمد علي العمري	تمريض	٩:٠٠	١٠:٠٠
سارة خالد محمود الزعبي	قبالة	٩:٠٠	١٠:٠٠
محمد عبدالله حسن الخطيب	صيدلة	١٠:٠٠	١١:٠٠
رنا يوسف احمد المومني	مختبرات	١٠:٠٠	١١:٠٠
عمر ابراهيم سليم الحياري	اشعة	١١:٠٠	١٢:٠٠
هبة سامي عيسى الشوابكة	تمريض	١١:٠٠	١٢:٠٠
خالد فايز عودة الحوامدة	تخدير	١٢:٠٠	١:٠٠
ديما ماجد نعيم القضاة	تغذية	١٢:٠٠	١:٠٠
يزن عبدالرحمن علي الرواشدة	علاج طبيعي	١:٠٠	٢:٠٠
نور حسين محمد الطراونة	تمريض	١:٠٠	٢:٠٠
احمد محمد علي العمري	تمريض	٩:٠٠	١٠:٠٠
سارة خالد محمود الزعبي	قبالة	٩:٠٠	١٠:٠٠
محمد عبدالله حسن الخطيب	صيدلة	١٠:٠٠	١١:٠٠
رنا يوسف احمد المومني	مختبرات	١٠:٠٠	١١:٠٠
عمر ابراهيم سليم الحياري	اشعة	١١:٠٠	١٢:٠٠
هبة سامي عيسى الشوابكة	تمريض	١١:٠٠	١٢:٠٠
خالد فايز عودة الحوامدة	تخدير	١٢:٠٠	١:٠٠
ديما ماجد نعيم القضاة	تغذية	١٢:٠٠	١:٠٠
يزن عبدالرحمن علي الرواشدة	علاج طبيعي	١:٠٠	٢:٠٠
نور حسين محمد الطراونة	تمريض	١:٠٠	٢:٠٠
يوم الاحد الموافق ٣١/٧/٢٠٢٢ مقابلة شفوية			
الاسم	التخصص	الساعة	التاريخ
احمد محمد علي العمري	تمريض	٩:٠٠	١٠:٠٠
سارة خالد محمود الزعبي	قبالة	٩:٠٠	١٠:٠٠
محمد عبدالله حسن الخطيب	صيدلة	١٠:٠٠	١١:٠٠
رنا يوسف احمد المومني	مختبرات	١٠:٠٠	١١:٠٠
عمر ابراهيم سليم الحياري	اشعة	١١:٠٠	١٢:٠٠
هبة سامي عيسى الشوابكة	تمريض	١١:٠٠	١٢:٠٠
خالد فايز عودة الحوامدة	تخدير	١٢:٠٠	١:٠٠
ديما ماجد نعيم القضاة	تغذية	١٢:٠٠	١:٠٠
يزن عبدالرحمن علي الرواشدة	علاج طبيعي	١:٠٠	٢:٠٠
نور حسين محمد الطراونة	تمريض	١:٠٠	٢:٠٠
يوم الاربعاء الموافق ٣/٨/٢٠٢٢ مقابلة شفوية			
الاسم	التخصص	الساعة	التاريخ
نور حسين محمد الطراونة	تمريض	١:٠٠	٢:٠٠
احمد محمد علي العمري	تمريض	٩:٠٠	١٠:٠٠
سارة خالد محمود الزعبي	قبالة	٩:٠٠	١٠:٠٠
محمد عبدالله حسن الخطيب	صيدلة	١٠:٠٠	١١:٠٠
رنا يوسف احمد المومني	مختبرات	١٠:٠٠	١١:٠٠
عمر ابراهيم سليم الحياري	اشعة	١١:٠٠	١٢:٠٠
هبة سامي عيسى الشوابكة	تمريض	١١:٠٠	١٢:٠٠
خالد فايز عودة الحوامدة	تخدير	١٢:٠٠	١:٠٠
ديما ماجد نعيم القضاة	تغذية	١٢:٠٠	١:٠٠
يزن عبدالرحمن علي الرواشدة	علاج طبيعي	١:٠٠	٢:٠٠
نور حسين محمد الطراونة	تمريض	١:٠٠	٢:٠٠
احمد محمد علي العمري	تمريض	٩:٠٠	١٠:٠٠
سارة خالد محمود الزعبي	قبالة	٩:٠٠	١٠:٠٠
محمد عبدالله حسن الخطيب	صيدلة	١٠:٠٠	١١:٠٠
رنا يوسف احمد المومني	مختبرات	١٠:٠٠	١١:٠٠
عمر ابراهيم سليم الحياري	اشعة	١١:٠٠	١٢:٠٠
هبة سامي عيسى الشوابكة	تمريض	١١:٠٠	١٢:٠٠
خالد فايز عودة الحوامدة	تخدير	١٢:٠٠	١:٠٠
ديما ماجد نعيم القضاة	تغذية	١٢:٠٠	١:٠٠
يزن عبدالرحمن علي الرواشدة	علاج طبيعي	١:٠٠	٢:٠٠
نور حسين محمد الطراونة	تمريض	١:٠٠	٢:٠٠
احمد محمد علي العمري	تمريض	٩:٠٠	١٠:٠٠
سارة خالد محمود الزعبي	قبالة	٩:٠٠	١٠:٠٠
محمد عبدالله حسن الخطيب	صيدلة	١٠:٠٠	١١:٠٠
رنا يوسف احمد المومني	مختبرات	١٠:٠٠	١١:٠٠
عمر ابراهيم سليم الحياري	اشعة	١١:٠٠	١٢:٠٠
هبة سامي عيسى الشوابكة	تمريض	١١:٠٠	١٢:٠٠
خالد فايز عودة الحوامدة	تخدير	١٢:٠٠	١:٠٠
ديما ماجد نعيم القضاة	تغذية	١٢:٠٠	١:٠٠
يزن عبدالرحمن علي الرواشدة	علاج طبيعي	١:٠٠	٢:٠٠
نور حسين محمد الطراونة	تمريض	١:٠٠	٢:٠٠
احمد محمد علي العمري	تمريض	٩:٠٠	١٠:٠٠
سارة خالد محمود الزعبي	قبالة	٩:٠٠	١٠:٠٠
محمد عبدالله حسن الخطيب	صيدلة	١٠:٠٠	١١:٠٠
رنا يوسف احمد المومني	مختبرات	١٠:٠٠	١١:٠٠
عمر ابراهيم سليم الحياري	اشعة	١١:٠٠	١٢:٠٠
هبة سامي عيسى الشوابكة	تمريض	١١:٠٠	١٢:٠٠
خالد فايز عودة الحوامدة	تخدير	١٢:٠٠	١:٠٠
ديما ماجد نعيم القضاة	تغذية	١٢:٠٠	١:٠٠
يزن عبدالرحمن علي الرواشدة	علاج طبيعي	١:٠٠	٢:٠٠
نور حسين محمد الطراونة	تمريض	١:٠٠	٢:٠٠
احمد محمد علي العمري	تمريض	٩:٠٠	١٠:٠٠
سارة خالد محمود الزعبي	قبالة	٩:٠٠	١٠:٠٠
محمد عبدالله حسن الخطيب	صيدلة	١٠:٠٠	١١:٠٠
يوم الخميس الموافق ٤/٨/٢٠٢٢ مقابلة شفوية			
الاسم	التخصص	الساعة	التاريخ
رنا يوسف احمد المومني	مختبرات	١٠:٠٠	١١:٠٠
عمر ابراهيم سليم الحياري	اشعة	١١:٠٠	١٢:٠٠
هبة سامي عيسى الشوابكة	تمريض	١١:٠٠	١٢:٠٠
خالد فايز عودة الحوامدة	تخدير	١٢:٠٠	١:٠٠
ديما ماجد نعيم القضاة	تغذية	١٢:٠٠	١:٠٠
يزن عبدالرحمن علي الرواشدة	علاج طبيعي	١:٠٠	٢:٠٠
نور حسين محمد الطراونة	تمريض	١:٠٠	٢:٠٠
احمد محمد علي العمري	تمريض	٩:٠٠	١٠:٠٠
سارة خالد محمود الزعبي	قبالة	٩:٠٠	١٠:٠٠
محمد عبدالله حسن الخطيب	صيدلة	١٠:٠٠	١١:٠٠
رنا يوسف احمد المومني	مختبرات	١٠:٠٠	١١:٠٠
عمر ابراهيم سليم الحياري	اشعة	١١:٠٠	١٢:٠٠
هبة سامي عيسى الشوابكة	تمريض	١١:٠٠	١٢:٠٠
خالد فايز عودة الحوامدة	تخدير	١٢:٠٠	١:٠٠
ديما ماجد نعيم القضاة	تغذية	١٢:٠٠	١:٠٠
يزن عبدالرحمن علي الرواشدة	علاج طبيعي	١:٠٠	٢:٠٠
نور حسين محمد الطراونة	تمريض	١:٠٠	٢:٠٠
احمد محمد علي العمري	تمريض	٩:٠٠	١٠:٠٠
سارة خالد محمود الزعبي	قبالة	٩:٠٠	١٠:٠٠
محمد عبدالله حسن الخطيب	صيدلة	١٠:٠٠	١١:٠٠
رنا يوسف احمد المومني	مختبرات	١٠:٠٠	١١:٠٠
عمر ابراهيم سليم الحياري	اشعة	١١:٠٠	١٢:٠٠
هبة سامي عيسى الشوابكة	تمريض	١١:٠٠	١٢:٠٠
خالد فايز عودة الحوامدة	تخدير	١٢:٠٠	١:٠٠
ديما ماجد نعيم القضاة	تغذية	١٢:٠٠	١:٠٠
يزن عبدالرحمن علي الرواشدة	علاج طبيعي	١:٠٠	٢:٠٠
نور حسين محمد الطراونة	تمريض	١:٠٠	٢:٠٠
احمد محمد علي العمري	تمريض	٩:٠٠	١٠:٠٠
سارة خالد محمود الزعبي	قبالة	٩:٠٠	١٠:٠٠
محمد عبدالله حسن الخطيب	صيدلة	١٠:٠٠	١١:٠٠
رنا يوسف احمد المومني	مختبرات	١٠:٠٠	١١:٠٠
عمر ابراهيم سليم الحياري	اشعة	١١:٠٠	١٢:٠٠
هبة سامي عيسى الشوابكة	تمريض	١١:٠٠	١٢:٠٠
خالد فايز عودة الحوامدة	تخدير	١٢:٠٠	١:٠٠
ديما ماجد نعيم القضاة	تغذية	١٢:٠٠	١:٠٠
يزن عبدالرحمن علي الرواشدة	علاج طبيعي	١:٠٠	٢:٠٠
نور حسين محمد الطراونة	تمريض	١:٠٠	٢:٠٠
احمد محمد علي العمري	تمريض	٩:٠٠	١٠:٠٠
سارة خالد محمود الزعبي	قبالة	٩:٠٠	١٠:٠٠
محمد عبدالله حسن الخطيب	صيدلة	١٠:٠٠	١١:٠٠
رنا يوسف احمد المومني	مختبرات	١٠:٠٠	١١:٠٠
عمر ابراهيم سليم الحياري	اشعة	١١:٠٠	١٢:٠٠
هبة سامي عيسى الشوابكة	تمريض	١١:٠٠	١٢:٠٠
خالد فايز عودة الحوامدة	تخدير	١٢:٠٠	١:٠٠
يوم الاحد الموافق ٧/٨/٢٠٢٢ مقابلة شفوية			
الاسم	التخصص	الساعة	التاريخ
ديما ماجد نعيم القضاة	تغذية	١٢:٠٠	١:٠٠
يزن عبدالرحمن علي الرواشدة	علاج طبيعي	١:٠٠	٢:٠٠
نور حسين محمد الطراونة	تمريض	١:٠٠	٢:٠٠
احمد محمد علي العمري	تمريض	٩:٠٠	١٠:٠٠
سارة خالد محمود الزعبي	قبالة	٩:٠٠	١٠:٠٠
محمد عبدالله حسن الخطيب	صيدلة	١٠:٠٠	١١:٠٠
رنا يوسف احمد المومني	مختبرات	١٠:٠٠	١١:٠٠
عمر ابراهيم سليم الحياري	اشعة	١١:٠٠	١٢:٠٠
هبة سامي عيسى الشوابكة	تمريض	١١:٠٠	١٢:٠٠
خالد فايز عودة الحوامدة	تخدير	١٢:٠٠	١:٠٠
ديما ماجد نعيم القضاة	تغذية	١٢:٠٠	١:٠٠
يزن عبدالرحمن علي الرواشدة	علاج طبيعي	١:٠٠	٢:٠٠
نور حسين محمد الطراونة	تمريض	١:٠٠	٢:٠٠
احمد محمد علي العمري	تمريض	٩:٠٠	١٠:٠٠
سارة خالد محمود الزعبي	قبالة	٩:٠٠	١٠:٠٠
محمد عبدالله حسن الخطيب	صيدلة	١٠:٠٠	١١:٠٠
رنا يوسف احمد المومني	مختبرات	١٠:٠٠	١١:٠٠
عمر ابراهيم سليم الحياري	اشعة	١١:٠٠	١٢:٠٠
هبة سامي عيسى الشوابكة	تمريض	١١:٠٠	١٢:٠٠
خالد فايز عودة الحوامدة	تخدير	١٢:٠٠	١:٠٠
ديما ماجد نعيم القضاة	تغذية	١٢:٠٠	١:٠٠
يزن عبدالرحمن علي الرواشدة	علاج طبيعي	١:٠٠	٢:٠٠
نور حسين محمد الطراونة	تمريض	١:٠٠	٢:٠٠
احمد محمد علي العمري	تمريض	٩:٠٠	١٠:٠٠
سارة خالد محمود الزعبي	قبالة	٩:٠٠	١٠:٠٠
محمد عبدالله حسن الخطيب	صيدلة	١٠:٠٠	١١:٠٠
رنا يوسف احمد المومني	مختبرات	١٠:٠٠	١١:٠٠
عمر ابراهيم سليم الحياري	اشعة	١١:٠٠	١٢:٠٠
هبة سامي عيسى الشوابكة	تمريض	١١:٠٠	١٢:٠٠
خالد فايز عودة الحوامدة	تخدير	١٢:٠٠	١:٠٠
ديما ماجد نعيم القضاة	تغذية	١٢:٠٠	١:٠٠
يزن عبدالرحمن علي الرواشدة	علاج طبيعي	١:٠٠	٢:٠٠
نور حسين محمد الطراونة	تمريض	١:٠٠	٢:٠٠
احمد محمد علي العمري	تمريض	٩:٠٠	١٠:٠٠
سارة خالد محمود الزعبي	قبالة	٩:٠٠	١٠:٠٠
محمد عبدالله حسن الخطيب	صيدلة	١٠:٠٠	١١:٠٠
رنا يوسف احمد المومني	مختبرات	١٠:٠٠	١١:٠٠
عمر ابراهيم سليم الحياري	اشعة	١١:٠٠	١٢:٠٠
هبة سامي عيسى الشوابكة	تمريض	١١:٠٠	١٢:٠٠
خالد فايز عودة الحوامدة	تخدير	١٢:٠٠	١:٠٠
ديما ماجد نعيم القضاة	تغذية	١٢:٠٠	١:٠٠
يزن عبدالرحمن علي الرواشدة	علاج طبيعي	١:٠٠	٢:٠٠
نور حسين محمد الطراونة	تمريض	١:٠٠	٢:٠٠
احمد محمد علي العمري	تمريض	٩:٠٠	١٠:٠٠
يوم الاحد الموافق ٣١/٧/٢٠٢٢ مقابلة شفوية			
الاسم	التخصص	الساعة	التاريخ
سارة خالد محمود الزعبي	قبالة	٩:٠٠	١٠:٠٠
محمد عبدالله حسن الخطيب	صيدلة	١٠:٠٠	١١:٠٠
رنا يوسف احمد المومني	مختبرات	١٠:٠٠	١١:٠٠
عمر ابراهيم سليم الحياري	اشعة	١١:٠٠	١٢:٠٠
هبة سامي عيسى الشوابكة	تمريض	١١:٠٠	١٢:٠٠
خالد فايز عودة الحوامدة	تخدير	١٢:٠٠	١:٠٠
ديما ماجد نعيم القضاة	تغذية	١٢:٠٠	١:٠٠
يزن عبدالرحمن علي الرواشدة	علاج طبيعي	١:٠٠	٢:٠٠
نور حسين محمد الطراونة	تمريض	١:٠٠	٢:٠٠
احمد محمد علي العمري	تمريض	٩:٠٠	١٠:٠٠
سارة خالد محمود الزعبي	قبالة	٩:٠٠	١٠:٠٠
محمد عبدالله حسن الخطيب	صيدلة	١٠:٠٠	١١:٠٠
رنا يوسف احمد المومني	مختبرات	١٠:٠٠	١١:٠٠
عمر ابراهيم سليم الحياري	اشعة	١١:٠٠	١٢:٠٠
هبة سامي عيسى الشوابكة	تمريض	١١:٠٠	١٢:٠٠
خالد فايز عودة الحوامدة	تخدير	١٢:٠٠	١:٠٠
ديما ماجد نعيم القضاة	تغذية	١٢:٠٠	١:٠٠
يزن عبدالرحمن علي الرواشدة	علاج طبيعي	١:٠٠	٢:٠٠
نور حسين محمد الطراونة	تمريض	١:٠٠	٢:٠٠
احمد محمد علي العمري	تمريض	٩:٠٠	١٠:٠٠
سارة خالد محمود الزعبي	قبالة	٩:٠٠	١٠:٠٠
محمد عبدالله حسن الخطيب	صيدلة	١٠:٠٠	١١:٠٠
رنا يوسف احمد المومني	مختبرات	١٠:٠٠	١١:٠٠
عمر ابراهيم سليم الحياري	اشعة	١١:٠٠	١٢:٠٠
